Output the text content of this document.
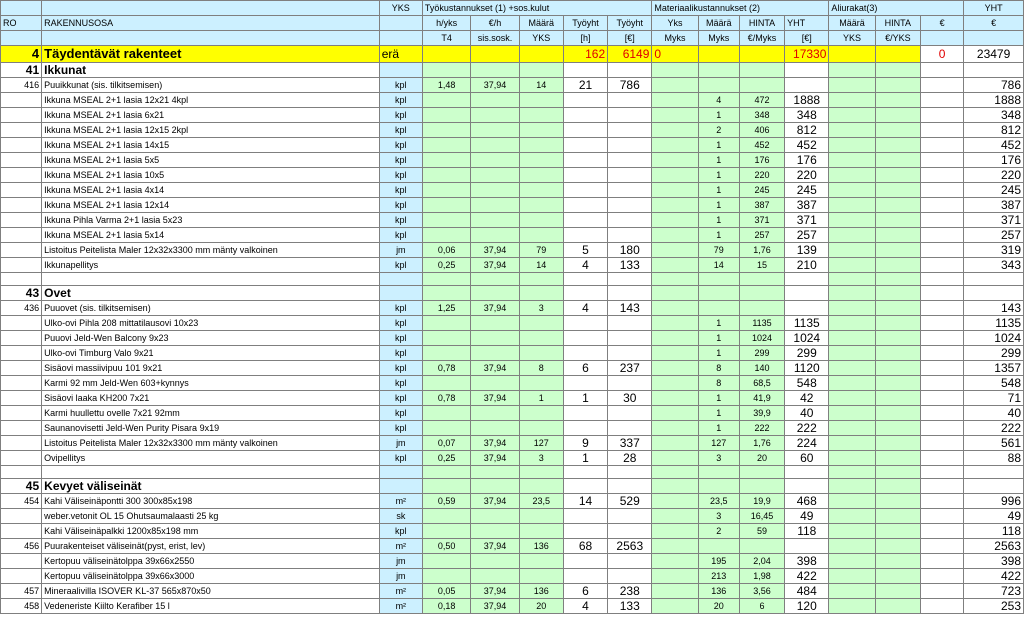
		YKS	Työkustannukset (1) +sos.kulut					Materiaalikustannukset (2)				Aliurakat(3)			YHT
RO	RAKENNUSOSA		h/yks	€/h	Määrä	Työyht	Työyht	Yks	Määrä	HINTA	YHT	Määrä	HINTA	€	€
			T4	sis.sosk.	YKS	[h]	[€]	Myks	Myks	€/Myks	[€]	YKS	€/YKS		
4	Täydentävät rakenteet	erä				162	6149	0			17330			0	23479
41	Ikkunat														
416	Puuikkunat (sis. tilkitsemisen)	kpl	1,48	37,94	14	21	786								786
	Ikkuna MSEAL 2+1 lasia 12x21 4kpl	kpl							4	472	1888				1888
	Ikkuna MSEAL 2+1 lasia 6x21	kpl							1	348	348				348
	Ikkuna MSEAL 2+1 lasia 12x15 2kpl	kpl							2	406	812				812
	Ikkuna MSEAL 2+1 lasia 14x15	kpl							1	452	452				452
	Ikkuna MSEAL 2+1 lasia 5x5	kpl							1	176	176				176
	Ikkuna MSEAL 2+1 lasia 10x5	kpl							1	220	220				220
	Ikkuna MSEAL 2+1 lasia 4x14	kpl							1	245	245				245
	Ikkuna MSEAL 2+1 lasia 12x14	kpl							1	387	387				387
	Ikkuna Pihla Varma 2+1 lasia 5x23	kpl							1	371	371				371
	Ikkuna MSEAL 2+1 lasia 5x14	kpl							1	257	257				257
	Listoitus Peitelista Maler 12x32x3300 mm mänty valkoinen	jm	0,06	37,94	79	5	180		79	1,76	139				319
	Ikkunapellitys	kpl	0,25	37,94	14	4	133		14	15	210				343

43	Ovet														
436	Puuovet (sis. tilkitsemisen)	kpl	1,25	37,94	3	4	143								143
	Ulko-ovi Pihla 208 mittatilausovi 10x23	kpl							1	1135	1135				1135
	Puuovi Jeld-Wen Balcony 9x23	kpl							1	1024	1024				1024
	Ulko-ovi Timburg Valo 9x21	kpl							1	299	299				299
	Sisäovi massiivipuu 101 9x21	kpl	0,78	37,94	8	6	237		8	140	1120				1357
	Karmi 92 mm Jeld-Wen 603+kynnys	kpl							8	68,5	548				548
	Sisäovi laaka KH200 7x21	kpl	0,78	37,94	1	1	30		1	41,9	42				71
	Karmi huullettu ovelle 7x21 92mm	kpl							1	39,9	40				40
	Saunanovisetti Jeld-Wen Purity Pisara 9x19	kpl							1	222	222				222
	Listoitus Peitelista Maler 12x32x3300 mm mänty valkoinen	jm	0,07	37,94	127	9	337		127	1,76	224				561
	Ovipellitys	kpl	0,25	37,94	3	1	28		3	20	60				88

45	Kevyet väliseinät														
454	Kahi Väliseinäpontti 300 300x85x198	m²	0,59	37,94	23,5	14	529		23,5	19,9	468				996
	weber.vetonit OL 15 Ohutsaumalaasti 25 kg	sk							3	16,45	49				49
	Kahi Väliseinäpalkki 1200x85x198 mm	kpl							2	59	118				118
456	Puurakenteiset väliseinät(pyst, erist, lev)	m²	0,50	37,94	136	68	2563								2563
	Kertopuu väliseinätolppa 39x66x2550	jm							195	2,04	398				398
	Kertopuu väliseinätolppa 39x66x3000	jm							213	1,98	422				422
457	Mineraalivilla ISOVER KL-37 565x870x50	m²	0,05	37,94	136	6	238		136	3,56	484				723
458	Vedeneriste Kiilto Kerafiber 15 l	m²	0,18	37,94	20	4	133		20	6	120				253
